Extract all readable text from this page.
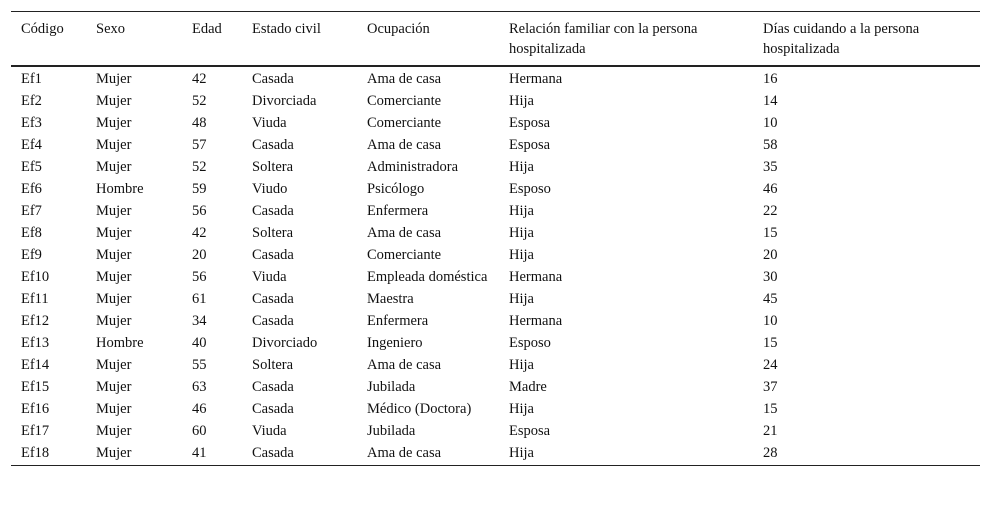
Código	Sexo	Edad	Estado civil	Ocupación	Relación familiar con la persona hospitalizada	Días cuidando a la persona hospitalizada
Ef1	Mujer	42	Casada	Ama de casa	Hermana	16
Ef2	Mujer	52	Divorciada	Comerciante	Hija	14
Ef3	Mujer	48	Viuda	Comerciante	Esposa	10
Ef4	Mujer	57	Casada	Ama de casa	Esposa	58
Ef5	Mujer	52	Soltera	Administradora	Hija	35
Ef6	Hombre	59	Viudo	Psicólogo	Esposo	46
Ef7	Mujer	56	Casada	Enfermera	Hija	22
Ef8	Mujer	42	Soltera	Ama de casa	Hija	15
Ef9	Mujer	20	Casada	Comerciante	Hija	20
Ef10	Mujer	56	Viuda	Empleada doméstica	Hermana	30
Ef11	Mujer	61	Casada	Maestra	Hija	45
Ef12	Mujer	34	Casada	Enfermera	Hermana	10
Ef13	Hombre	40	Divorciado	Ingeniero	Esposo	15
Ef14	Mujer	55	Soltera	Ama de casa	Hija	24
Ef15	Mujer	63	Casada	Jubilada	Madre	37
Ef16	Mujer	46	Casada	Médico (Doctora)	Hija	15
Ef17	Mujer	60	Viuda	Jubilada	Esposa	21
Ef18	Mujer	41	Casada	Ama de casa	Hija	28
